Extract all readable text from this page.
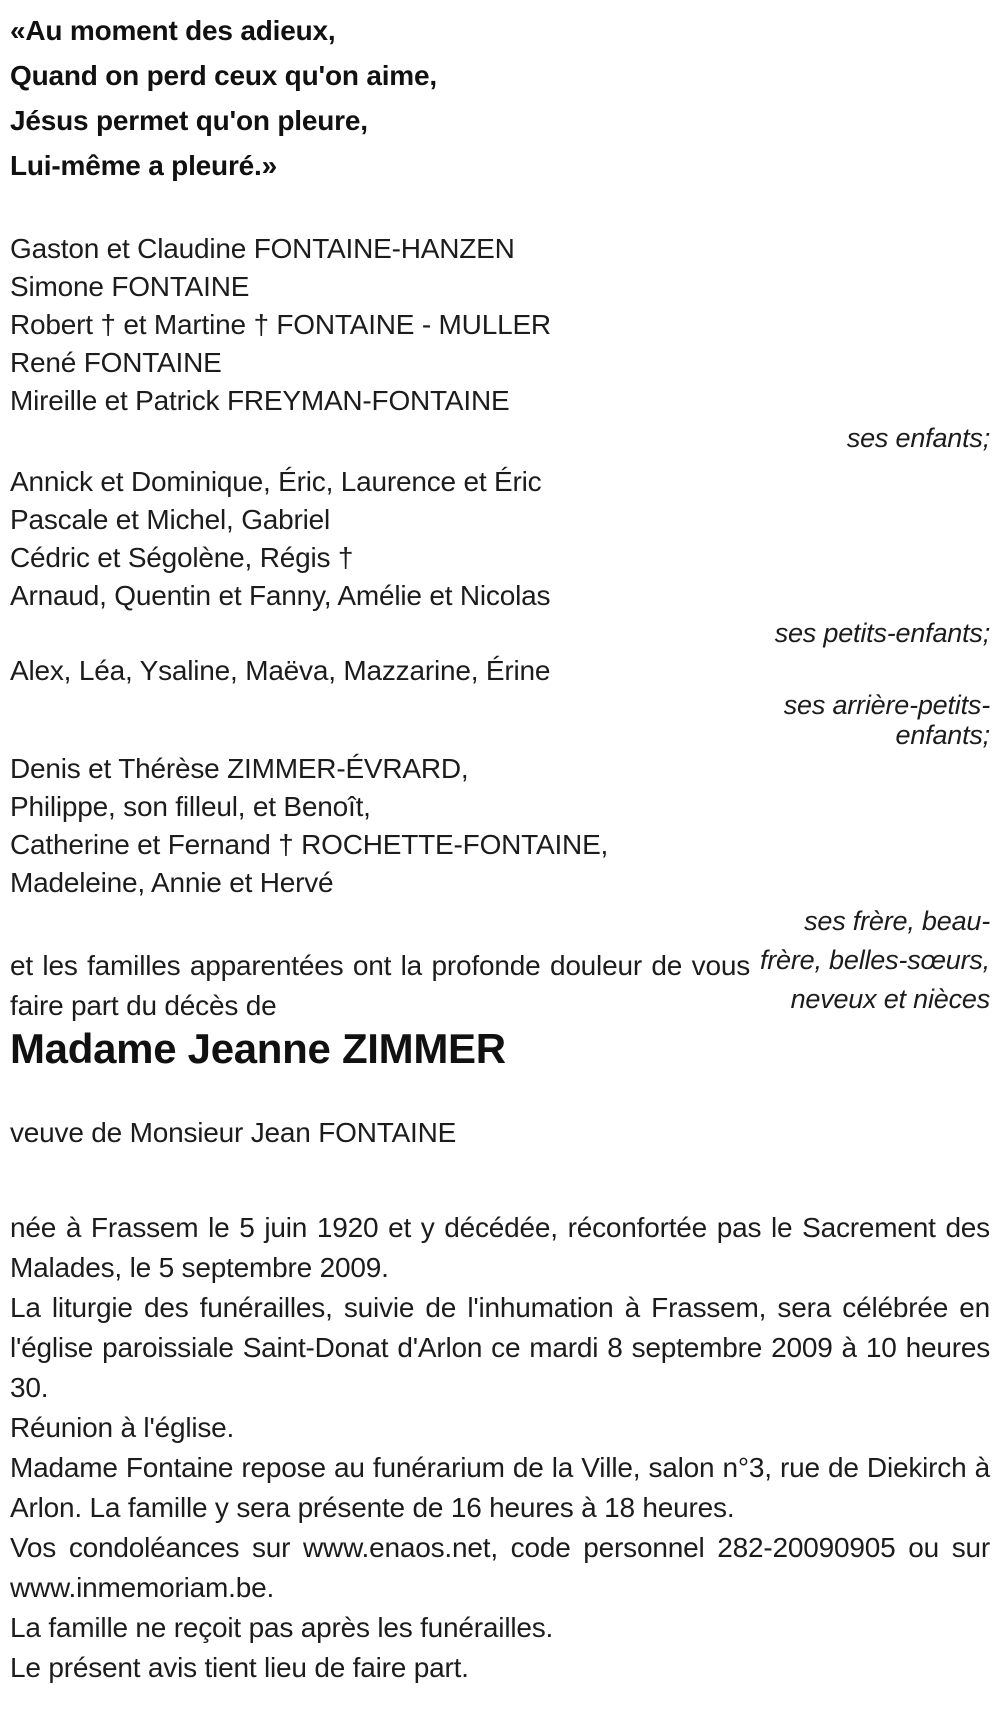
«Au moment des adieux,
Quand on perd ceux qu'on aime,
Jésus permet qu'on pleure,
Lui-même a pleuré.»
Gaston et Claudine FONTAINE-HANZEN
Simone FONTAINE
Robert † et Martine † FONTAINE - MULLER
René FONTAINE
Mireille et Patrick FREYMAN-FONTAINE
ses enfants;
Annick et Dominique, Éric, Laurence et Éric
Pascale et Michel, Gabriel
Cédric et Ségolène, Régis †
Arnaud, Quentin et Fanny, Amélie et Nicolas
ses petits-enfants;
Alex, Léa, Ysaline, Maëva, Mazzarine, Érine
ses arrière-petits-enfants;
Denis et Thérèse ZIMMER-ÉVRARD,
Philippe, son filleul, et Benoît,
Catherine et Fernand † ROCHETTE-FONTAINE,
Madeleine, Annie et Hervé

et les familles apparentées ont la profonde douleur de vous faire part du décès de

ses frère, beau-frère, belles-sœurs, neveux et nièces
Madame Jeanne ZIMMER

veuve de Monsieur Jean FONTAINE

née à Frassem le 5 juin 1920 et y décédée, réconfortée pas le Sacrement des Malades, le 5 septembre 2009.

La liturgie des funérailles, suivie de l'inhumation à Frassem, sera célébrée en l'église paroissiale Saint-Donat d'Arlon ce mardi 8 septembre 2009 à 10 heures 30.

Réunion à l'église.

Madame Fontaine repose au funérarium de la Ville, salon n°3, rue de Diekirch à Arlon. La famille y sera présente de 16 heures à 18 heures.

Vos condoléances sur www.enaos.net, code personnel 282-20090905 ou sur www.inmemoriam.be.

La famille ne reçoit pas après les funérailles.

Le présent avis tient lieu de faire part.
